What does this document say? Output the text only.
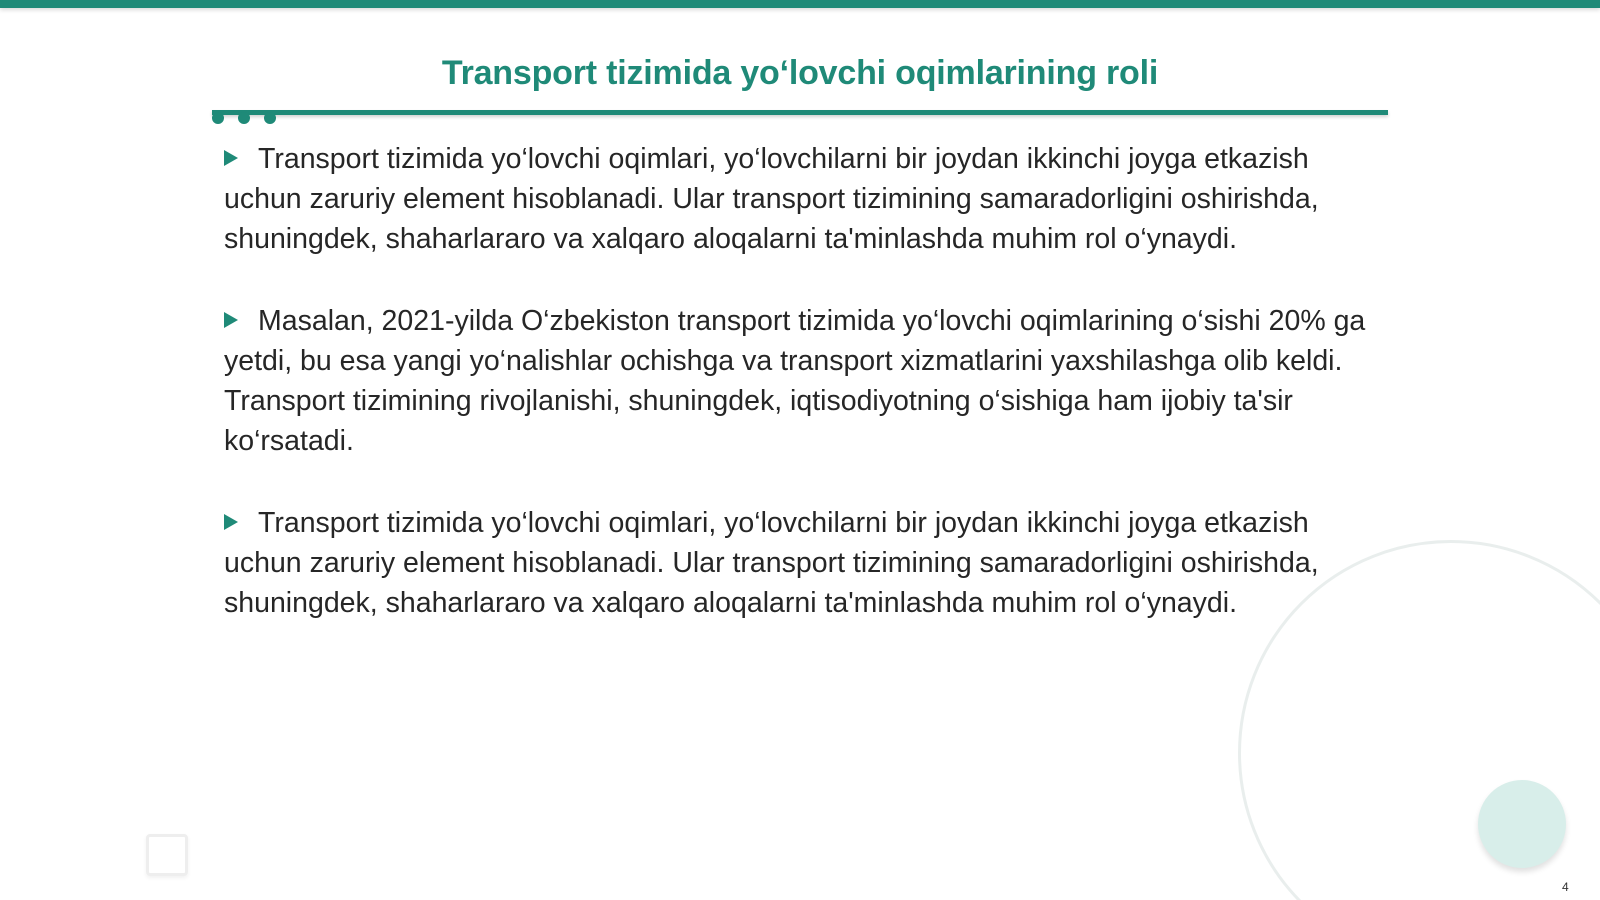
Transport tizimida yo‘lovchi oqimlarining roli

Transport tizimida yo‘lovchi oqimlari, yo‘lovchilarni bir joydan ikkinchi joyga etkazish uchun zaruriy element hisoblanadi. Ular transport tizimining samaradorligini oshirishda, shuningdek, shaharlararo va xalqaro aloqalarni ta'minlashda muhim rol o‘ynaydi.

Masalan, 2021-yilda O‘zbekiston transport tizimida yo‘lovchi oqimlarining o‘sishi 20% ga yetdi, bu esa yangi yo‘nalishlar ochishga va transport xizmatlarini yaxshilashga olib keldi. Transport tizimining rivojlanishi, shuningdek, iqtisodiyotning o‘sishiga ham ijobiy ta'sir ko‘rsatadi.

Transport tizimida yo‘lovchi oqimlari, yo‘lovchilarni bir joydan ikkinchi joyga etkazish uchun zaruriy element hisoblanadi. Ular transport tizimining samaradorligini oshirishda, shuningdek, shaharlararo va xalqaro aloqalarni ta'minlashda muhim rol o‘ynaydi.

4
